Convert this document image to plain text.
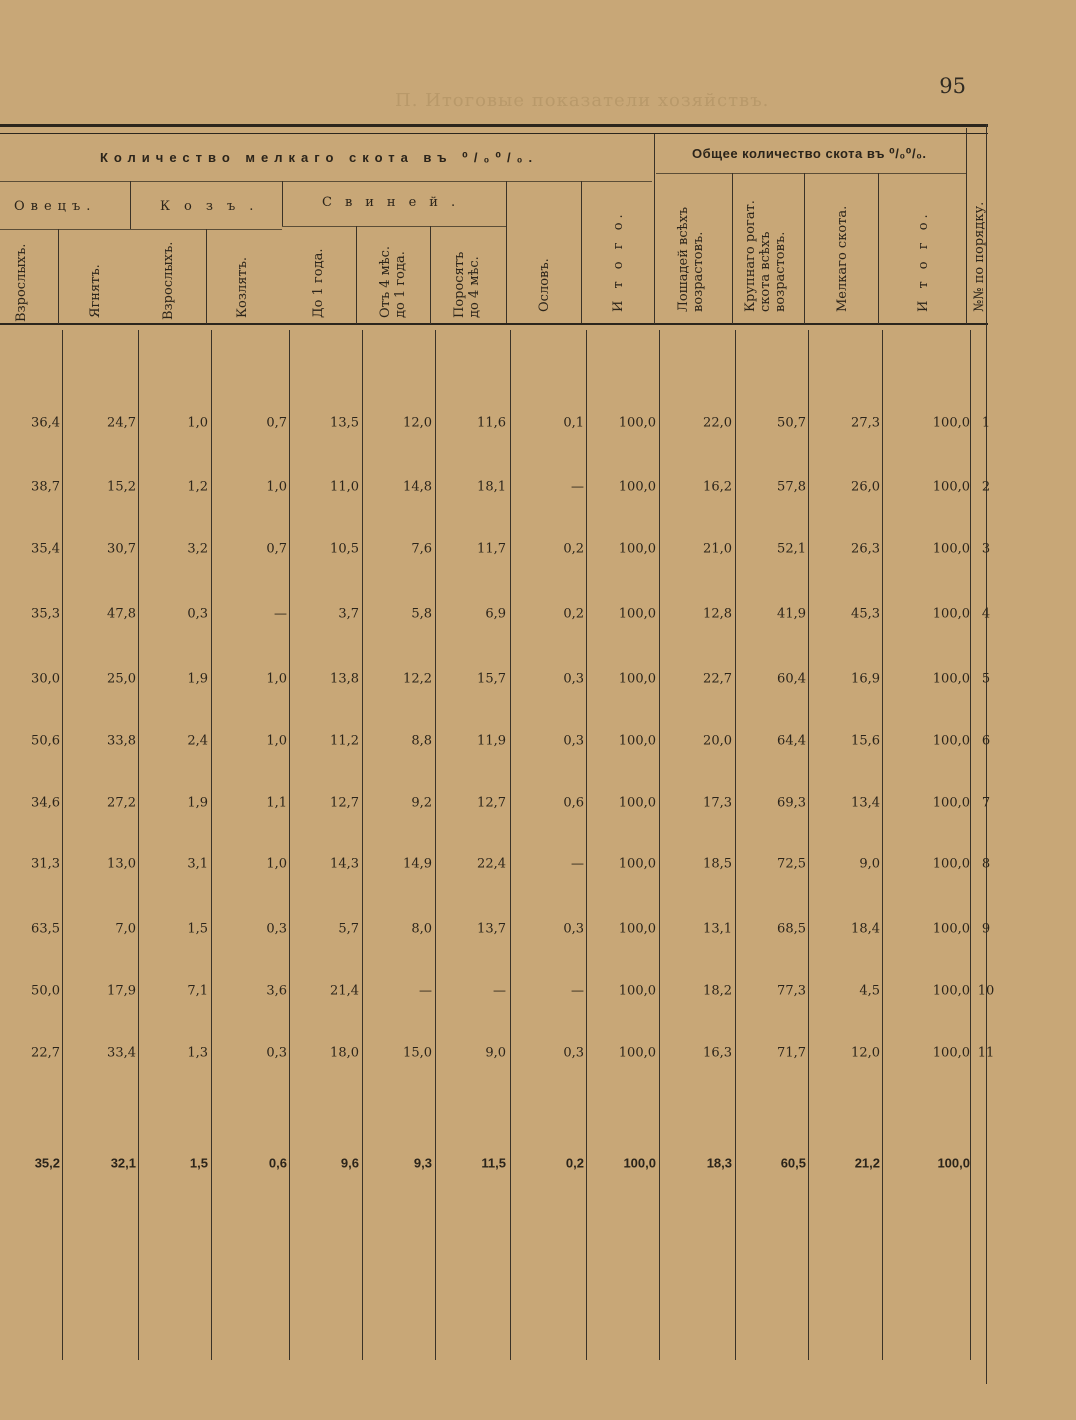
95
П. Итоговые показатели хозяйствъ.
Количество мелкаго скота въ ⁰/₀⁰/₀.	Общее количество скота въ ⁰/₀⁰/₀.
Овецъ.	Козъ.	Свиней.
Взрослыхъ.	Ягнятъ.	Взрослыхъ.	Козлятъ.	До 1 года.	Отъ 4 мѣс. до 1 года.	Поросятъ до 4 мѣс.	Ословъ.	И т о г о.	Лошадей всѣхъ возрастовъ.	Крупнаго рогат. скота всѣхъ возрастовъ.	Мелкаго скота.	И т о г о.	№№ по порядку.
36,4	24,7	1,0	0,7	13,5	12,0	11,6	0,1	100,0	22,0	50,7	27,3	100,0 1
38,7	15,2	1,2	1,0	11,0	14,8	18,1	—	100,0	16,2	57,8	26,0	100,0 2
35,4	30,7	3,2	0,7	10,5	7,6	11,7	0,2	100,0	21,0	52,1	26,3	100,0 3
35,3	47,8	0,3	—	3,7	5,8	6,9	0,2	100,0	12,8	41,9	45,3	100,0 4
30,0	25,0	1,9	1,0	13,8	12,2	15,7	0,3	100,0	22,7	60,4	16,9	100,0 5
50,6	33,8	2,4	1,0	11,2	8,8	11,9	0,3	100,0	20,0	64,4	15,6	100,0 6
34,6	27,2	1,9	1,1	12,7	9,2	12,7	0,6	100,0	17,3	69,3	13,4	100,0 7
31,3	13,0	3,1	1,0	14,3	14,9	22,4	—	100,0	18,5	72,5	9,0	100,0 8
63,5	7,0	1,5	0,3	5,7	8,0	13,7	0,3	100,0	13,1	68,5	18,4	100,0 9
50,0	17,9	7,1	3,6	21,4	—	—	—	100,0	18,2	77,3	4,5	100,0 10
22,7	33,4	1,3	0,3	18,0	15,0	9,0	0,3	100,0	16,3	71,7	12,0	100,0 11
35,2	32,1	1,5	0,6	9,6	9,3	11,5	0,2	100,0	18,3	60,5	21,2	100,0
